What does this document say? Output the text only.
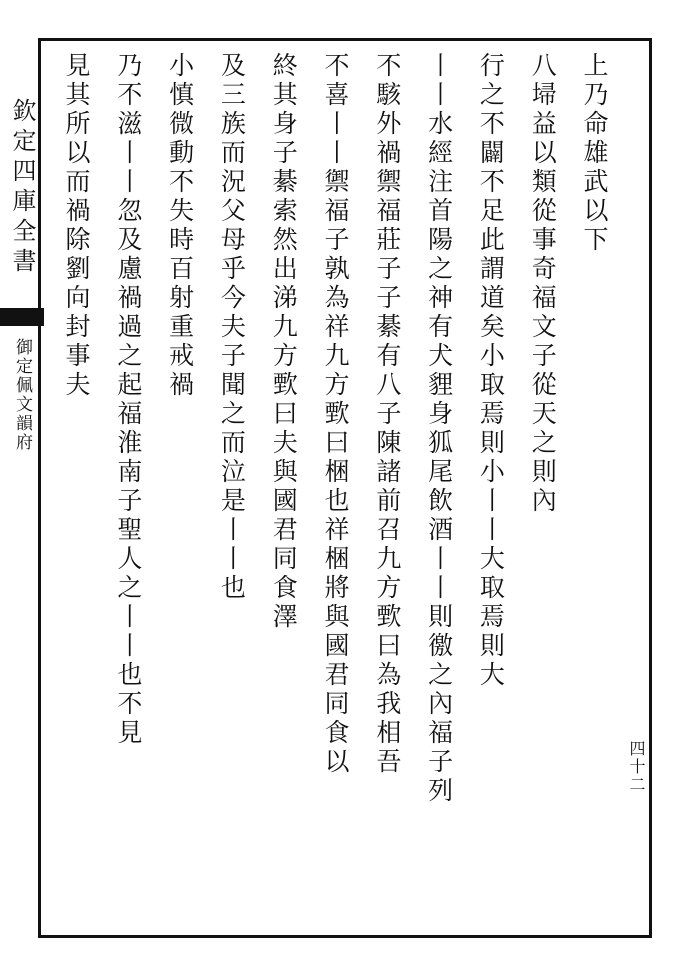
欽定四庫全書
御定佩文韻府
四十二
上乃命雄武以下
八埽益以類從事奇福文子從天之則內
行之不闢不足此謂道矣小取焉則小丨丨大取焉則大
丨丨水經注首陽之神有犬貍身狐尾飲酒丨丨則徼之內福子列
不駭外禍禦福莊子子綦有八子陳諸前召九方歅曰為我相吾
不喜丨丨禦福子孰為祥九方歅曰梱也祥梱將與國君同食以
終其身子綦索然出涕九方歅曰夫與國君同食澤
及三族而況父母乎今夫子聞之而泣是丨丨也
小慎微動不失時百射重戒禍
乃不滋丨丨忽及慮禍過之起福淮南子聖人之丨丨也不見
見其所以而禍除劉向封事夫
